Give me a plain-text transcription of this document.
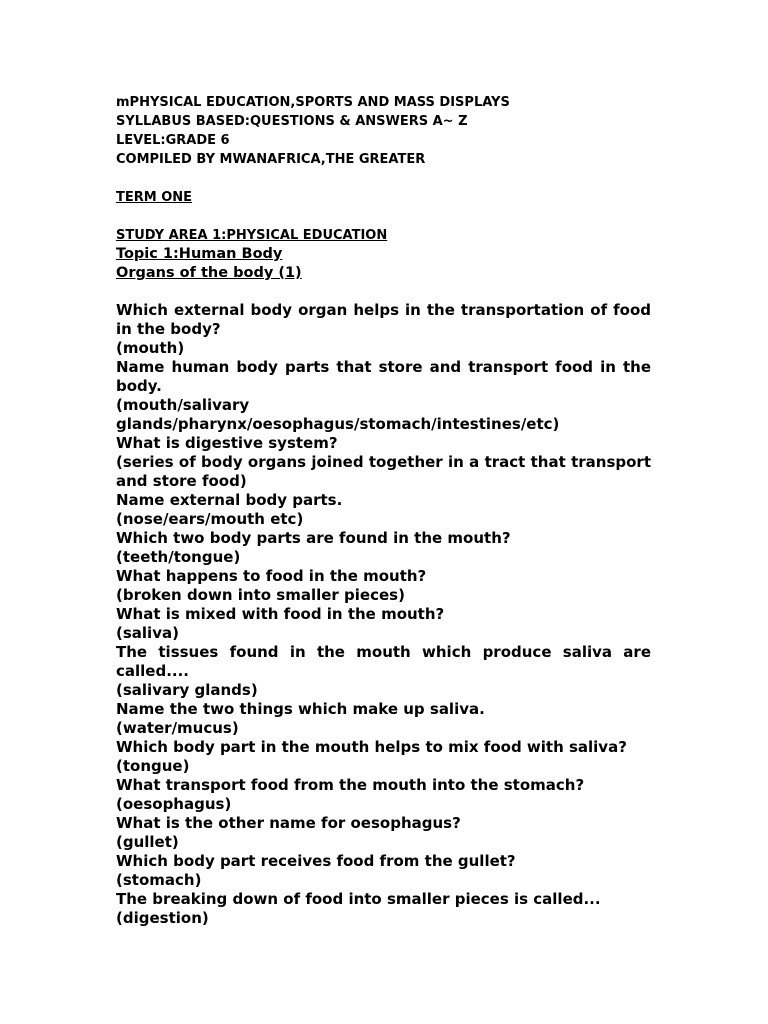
mPHYSICAL EDUCATION,SPORTS AND MASS DISPLAYS
SYLLABUS BASED:QUESTIONS & ANSWERS A~ Z
LEVEL:GRADE 6
COMPILED BY MWANAFRICA,THE GREATER
TERM ONE
STUDY AREA 1:PHYSICAL EDUCATION
Topic 1:Human Body
Organs of the body (1)
Which external body organ helps in the transportation of food in the body?
(mouth)
Name human body parts that store and transport food in the body.
(mouth/salivary glands/pharynx/oesophagus/stomach/intestines/etc)
What is digestive system?
(series of body organs joined together in a tract that transport and store food)
Name external body parts.
(nose/ears/mouth etc)
Which two body parts are found in the mouth?
(teeth/tongue)
What happens to food in the mouth?
(broken down into smaller pieces)
What is mixed with food in the mouth?
(saliva)
The tissues found in the mouth which produce saliva are called....
(salivary glands)
Name the two things which make up saliva.
(water/mucus)
Which body part in the mouth helps to mix food with saliva?
(tongue)
What transport food from the mouth into the stomach?
(oesophagus)
What is the other name for oesophagus?
(gullet)
Which body part receives food from the gullet?
(stomach)
The breaking down of food into smaller pieces is called...
(digestion)
